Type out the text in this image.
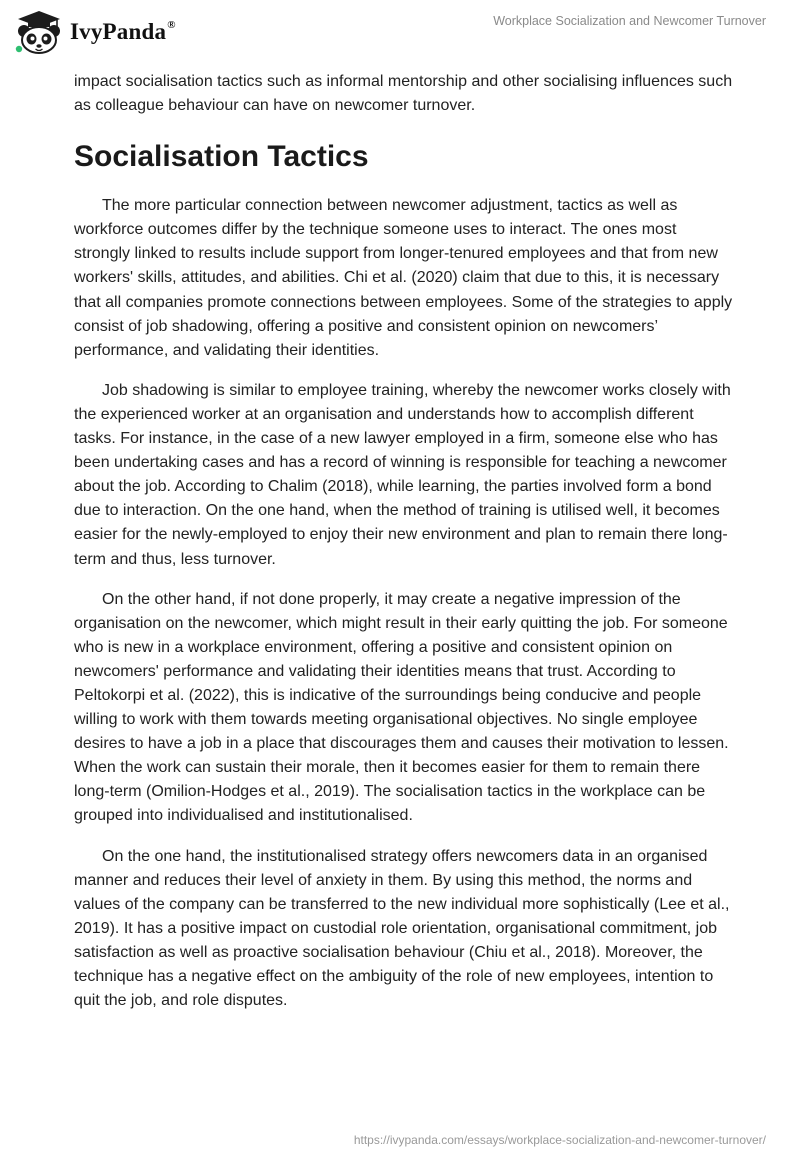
IvyPanda®	Workplace Socialization and Newcomer Turnover

impact socialisation tactics such as informal mentorship and other socialising influences such as colleague behaviour can have on newcomer turnover.

Socialisation Tactics

The more particular connection between newcomer adjustment, tactics as well as workforce outcomes differ by the technique someone uses to interact. The ones most strongly linked to results include support from longer-tenured employees and that from new workers' skills, attitudes, and abilities. Chi et al. (2020) claim that due to this, it is necessary that all companies promote connections between employees. Some of the strategies to apply consist of job shadowing, offering a positive and consistent opinion on newcomers’ performance, and validating their identities.

Job shadowing is similar to employee training, whereby the newcomer works closely with the experienced worker at an organisation and understands how to accomplish different tasks. For instance, in the case of a new lawyer employed in a firm, someone else who has been undertaking cases and has a record of winning is responsible for teaching a newcomer about the job. According to Chalim (2018), while learning, the parties involved form a bond due to interaction. On the one hand, when the method of training is utilised well, it becomes easier for the newly-employed to enjoy their new environment and plan to remain there long-term and thus, less turnover.

On the other hand, if not done properly, it may create a negative impression of the organisation on the newcomer, which might result in their early quitting the job. For someone who is new in a workplace environment, offering a positive and consistent opinion on newcomers' performance and validating their identities means that trust. According to Peltokorpi et al. (2022), this is indicative of the surroundings being conducive and people willing to work with them towards meeting organisational objectives. No single employee desires to have a job in a place that discourages them and causes their motivation to lessen. When the work can sustain their morale, then it becomes easier for them to remain there long-term (Omilion-Hodges et al., 2019). The socialisation tactics in the workplace can be grouped into individualised and institutionalised.

On the one hand, the institutionalised strategy offers newcomers data in an organised manner and reduces their level of anxiety in them. By using this method, the norms and values of the company can be transferred to the new individual more sophistically (Lee et al., 2019). It has a positive impact on custodial role orientation, organisational commitment, job satisfaction as well as proactive socialisation behaviour (Chiu et al., 2018). Moreover, the technique has a negative effect on the ambiguity of the role of new employees, intention to quit the job, and role disputes.

https://ivypanda.com/essays/workplace-socialization-and-newcomer-turnover/
